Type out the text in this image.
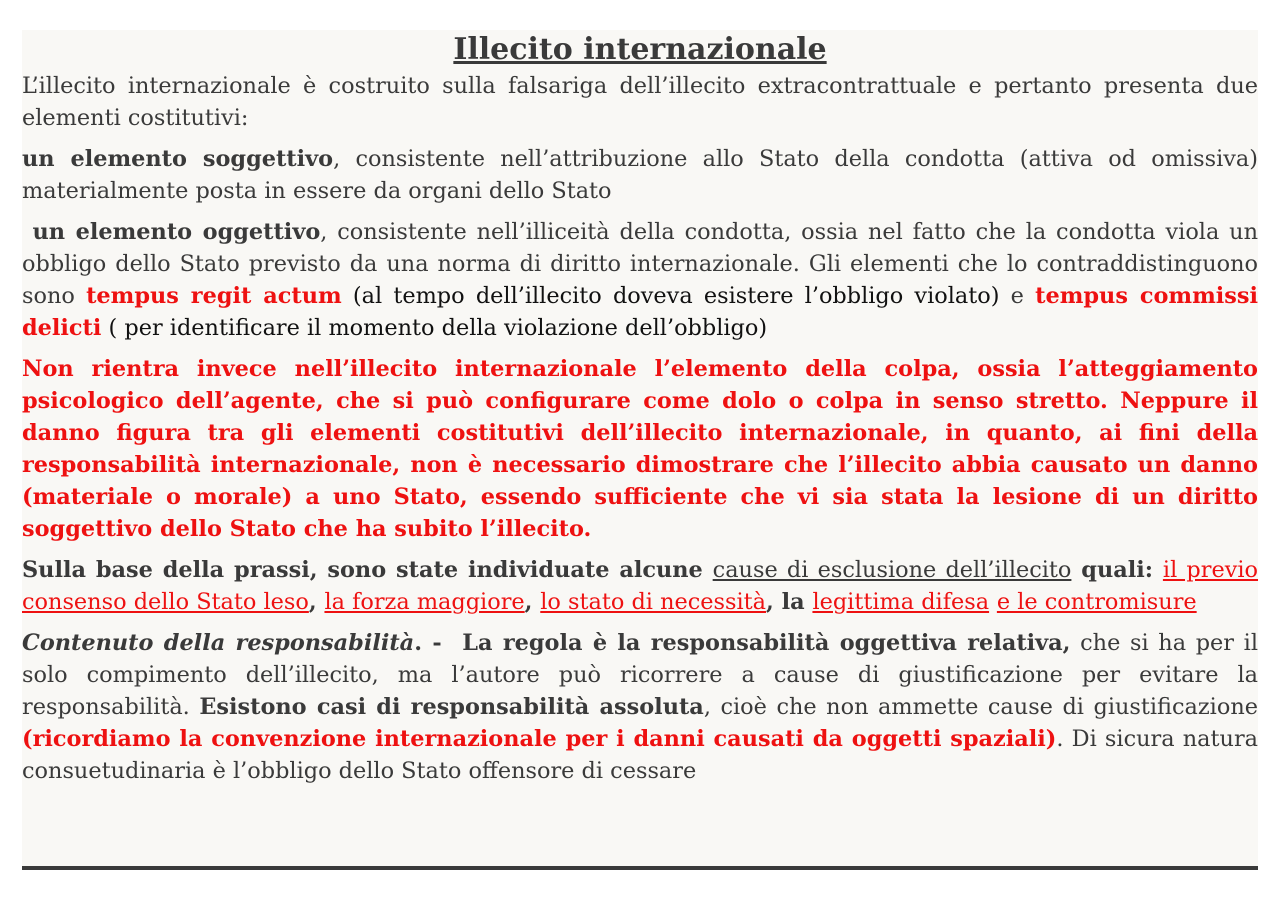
Illecito internazionale

L’illecito internazionale è costruito sulla falsariga dell’illecito extracontrattuale e pertanto presenta due elementi costitutivi:

un elemento soggettivo, consistente nell’attribuzione allo Stato della condotta (attiva od omissiva) materialmente posta in essere da organi dello Stato

un elemento oggettivo, consistente nell’illiceità della condotta, ossia nel fatto che la condotta viola un obbligo dello Stato previsto da una norma di diritto internazionale. Gli elementi che lo contraddistinguono sono tempus regit actum (al tempo dell’illecito doveva esistere l’obbligo violato) e tempus commissi delicti ( per identificare il momento della violazione dell’obbligo)

Non rientra invece nell’illecito internazionale l’elemento della colpa, ossia l’atteggiamento psicologico dell’agente, che si può configurare come dolo o colpa in senso stretto. Neppure il danno figura tra gli elementi costitutivi dell’illecito internazionale, in quanto, ai fini della responsabilità internazionale, non è necessario dimostrare che l’illecito abbia causato un danno (materiale o morale) a uno Stato, essendo sufficiente che vi sia stata la lesione di un diritto soggettivo dello Stato che ha subito l’illecito.

Sulla base della prassi, sono state individuate alcune cause di esclusione dell’illecito quali: il previo consenso dello Stato leso, la forza maggiore, lo stato di necessità, la legittima difesa e le contromisure

Contenuto della responsabilità. -  La regola è la responsabilità oggettiva relativa, che si ha per il solo compimento dell’illecito, ma l’autore può ricorrere a cause di giustificazione per evitare la responsabilità. Esistono casi di responsabilità assoluta, cioè che non ammette cause di giustificazione (ricordiamo la convenzione internazionale per i danni causati da oggetti spaziali). Di sicura natura consuetudinaria è l’obbligo dello Stato offensore di cessare
